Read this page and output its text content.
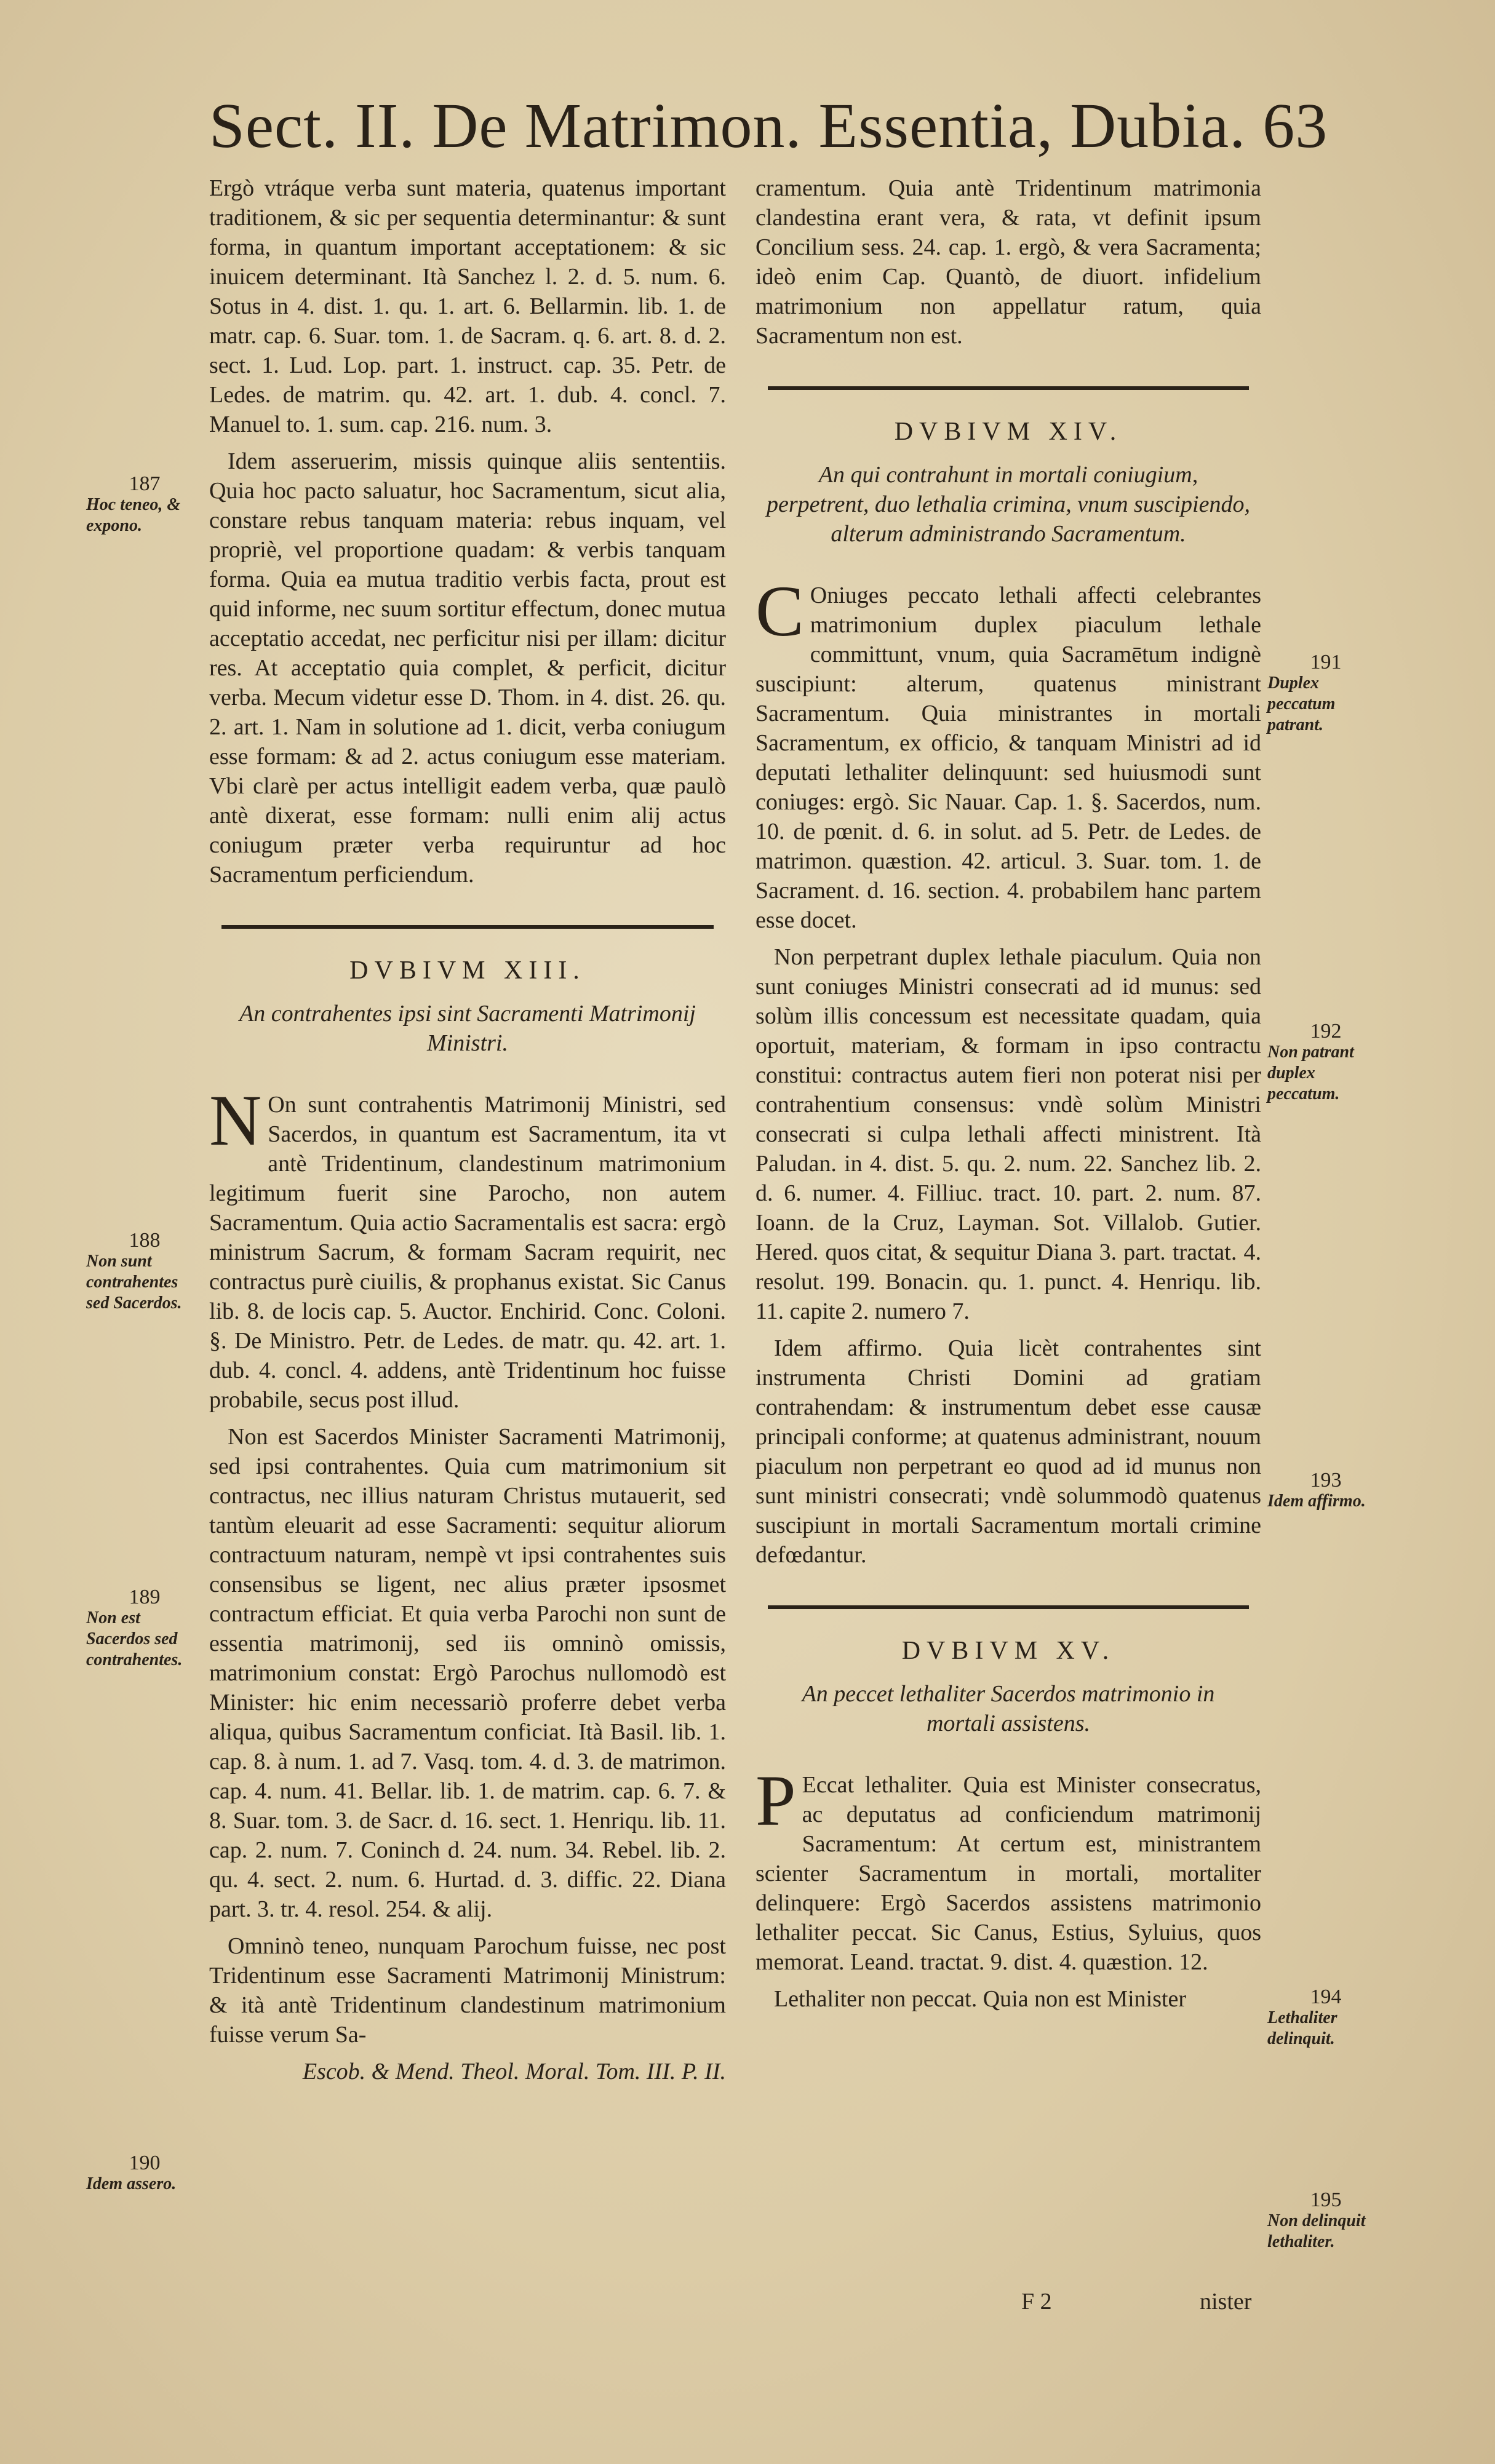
Sect. II. De Matrimon. Essentia, Dubia. 63

Ergò vtráque verba sunt materia, quatenus important traditionem, & sic per sequentia determinantur: & sunt forma, in quantum important acceptationem: & sic inuicem determinant. Ità Sanchez l. 2. d. 5. num. 6. Sotus in 4. dist. 1. qu. 1. art. 6. Bellarmin. lib. 1. de matr. cap. 6. Suar. tom. 1. de Sacram. q. 6. art. 8. d. 2. sect. 1. Lud. Lop. part. 1. instruct. cap. 35. Petr. de Ledes. de matrim. qu. 42. art. 1. dub. 4. concl. 7. Manuel to. 1. sum. cap. 216. num. 3.

Idem asseruerim, missis quinque aliis sententiis. Quia hoc pacto saluatur, hoc Sacramentum, sicut alia, constare rebus tanquam materia: rebus inquam, vel propriè, vel proportione quadam: & verbis tanquam forma. Quia ea mutua traditio verbis facta, prout est quid informe, nec suum sortitur effectum, donec mutua acceptatio accedat, nec perficitur nisi per illam: dicitur res. At acceptatio quia complet, & perficit, dicitur verba. Mecum videtur esse D. Thom. in 4. dist. 26. qu. 2. art. 1. Nam in solutione ad 1. dicit, verba coniugum esse formam: & ad 2. actus coniugum esse materiam. Vbi clarè per actus intelligit eadem verba, quæ paulò antè dixerat, esse formam: nulli enim alij actus coniugum præter verba requiruntur ad hoc Sacramentum perficiendum.

DVBIVM XIII.
An contrahentes ipsi sint Sacramenti Matrimonij Ministri.

N On sunt contrahentis Matrimonij Ministri, sed Sacerdos, in quantum est Sacramentum, ita vt antè Tridentinum, clandestinum matrimonium legitimum fuerit sine Parocho, non autem Sacramentum. Quia actio Sacramentalis est sacra: ergò ministrum Sacrum, & formam Sacram requirit, nec contractus purè ciuilis, & prophanus existat. Sic Canus lib. 8. de locis cap. 5. Auctor. Enchirid. Conc. Coloni. §. De Ministro. Petr. de Ledes. de matr. qu. 42. art. 1. dub. 4. concl. 4. addens, antè Tridentinum hoc fuisse probabile, secus post illud.

Non est Sacerdos Minister Sacramenti Matrimonij, sed ipsi contrahentes. Quia cum matrimonium sit contractus, nec illius naturam Christus mutauerit, sed tantùm eleuarit ad esse Sacramenti: sequitur aliorum contractuum naturam, nempè vt ipsi contrahentes suis consensibus se ligent, nec alius præter ipsosmet contractum efficiat. Et quia verba Parochi non sunt de essentia matrimonij, sed iis omninò omissis, matrimonium constat: Ergò Parochus nullomodò est Minister: hic enim necessariò proferre debet verba aliqua, quibus Sacramentum conficiat. Ità Basil. lib. 1. cap. 8. à num. 1. ad 7. Vasq. tom. 4. d. 3. de matrimon. cap. 4. num. 41. Bellar. lib. 1. de matrim. cap. 6. 7. & 8. Suar. tom. 3. de Sacr. d. 16. sect. 1. Henriqu. lib. 11. cap. 2. num. 7. Coninch d. 24. num. 34. Rebel. lib. 2. qu. 4. sect. 2. num. 6. Hurtad. d. 3. diffic. 22. Diana part. 3. tr. 4. resol. 254. & alij.

Omninò teneo, nunquam Parochum fuisse, nec post Tridentinum esse Sacramenti Matrimonij Ministrum: & ità antè Tridentinum clandestinum matrimonium fuisse verum Sa-

Escob. & Mend. Theol. Moral. Tom. III. P. II.

cramentum. Quia antè Tridentinum matrimonia clandestina erant vera, & rata, vt definit ipsum Concilium sess. 24. cap. 1. ergò, & vera Sacramenta; ideò enim Cap. Quantò, de diuort. infidelium matrimonium non appellatur ratum, quia Sacramentum non est.

DVBIVM XIV.
An qui contrahunt in mortali coniugium, perpetrent, duo lethalia crimina, vnum suscipiendo, alterum administrando Sacramentum.

C Oniuges peccato lethali affecti celebrantes matrimonium duplex piaculum lethale committunt, vnum, quia Sacramētum indignè suscipiunt: alterum, quatenus ministrant Sacramentum. Quia ministrantes in mortali Sacramentum, ex officio, & tanquam Ministri ad id deputati lethaliter delinquunt: sed huiusmodi sunt coniuges: ergò. Sic Nauar. Cap. 1. §. Sacerdos, num. 10. de pœnit. d. 6. in solut. ad 5. Petr. de Ledes. de matrimon. quæstion. 42. articul. 3. Suar. tom. 1. de Sacrament. d. 16. section. 4. probabilem hanc partem esse docet.

Non perpetrant duplex lethale piaculum. Quia non sunt coniuges Ministri consecrati ad id munus: sed solùm illis concessum est necessitate quadam, quia oportuit, materiam, & formam in ipso contractu constitui: contractus autem fieri non poterat nisi per contrahentium consensus: vndè solùm Ministri consecrati si culpa lethali affecti ministrent. Ità Paludan. in 4. dist. 5. qu. 2. num. 22. Sanchez lib. 2. d. 6. numer. 4. Filliuc. tract. 10. part. 2. num. 87. Ioann. de la Cruz, Layman. Sot. Villalob. Gutier. Hered. quos citat, & sequitur Diana 3. part. tractat. 4. resolut. 199. Bonacin. qu. 1. punct. 4. Henriqu. lib. 11. capite 2. numero 7.

Idem affirmo. Quia licèt contrahentes sint instrumenta Christi Domini ad gratiam contrahendam: & instrumentum debet esse causæ principali conforme; at quatenus administrant, nouum piaculum non perpetrant eo quod ad id munus non sunt ministri consecrati; vndè solummodò quatenus suscipiunt in mortali Sacramentum mortali crimine defœdantur.

DVBIVM XV.
An peccet lethaliter Sacerdos matrimonio in mortali assistens.

P Eccat lethaliter. Quia est Minister consecratus, ac deputatus ad conficiendum matrimonij Sacramentum: At certum est, ministrantem scienter Sacramentum in mortali, mortaliter delinquere: Ergò Sacerdos assistens matrimonio lethaliter peccat. Sic Canus, Estius, Syluius, quos memorat. Leand. tractat. 9. dist. 4. quæstion. 12.

Lethaliter non peccat. Quia non est Minister

F 2	nister
187
Hoc teneo, & expono.
188
Non sunt contrahentes sed Sacerdos.
189
Non est Sacerdos sed contrahentes.
190
Idem assero.
191
Duplex peccatum patrant.
192
Non patrant duplex peccatum.
193
Idem affirmo.
194
Lethaliter delinquit.
195
Non delinquit lethaliter.
